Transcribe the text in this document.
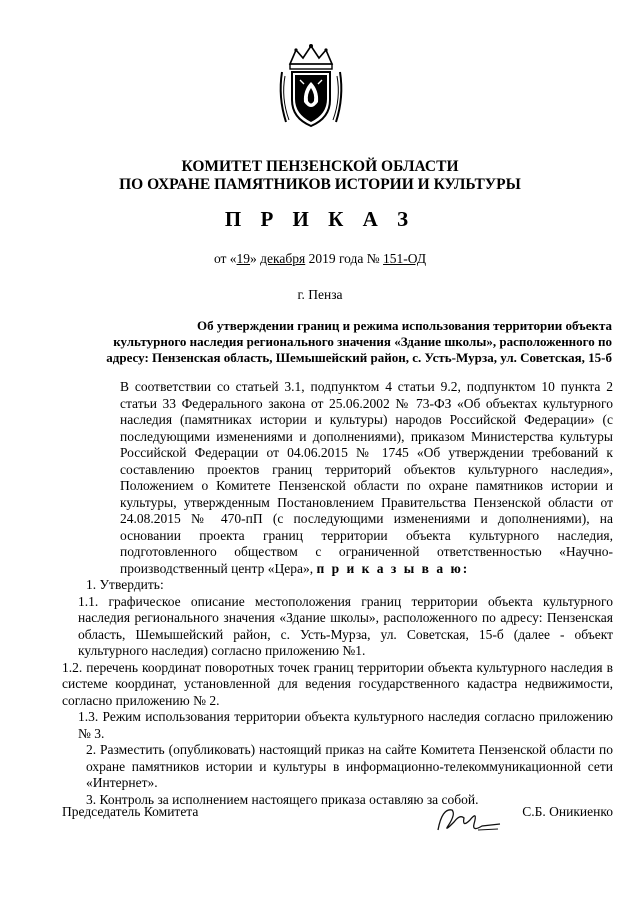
КОМИТЕТ ПЕНЗЕНСКОЙ ОБЛАСТИ
ПО ОХРАНЕ ПАМЯТНИКОВ ИСТОРИИ И КУЛЬТУРЫ
П Р И К А З
от «19» декабря 2019 года № 151-ОД
г. Пенза
Об утверждении границ и режима использования территории объекта
культурного наследия регионального значения «Здание школы», расположенного по
адресу: Пензенская область, Шемышейский район, с. Усть-Мурза, ул. Советская, 15-б
В соответствии со статьей 3.1, подпунктом 4 статьи 9.2, подпунктом 10 пункта 2 статьи 33 Федерального закона от 25.06.2002 № 73-ФЗ «Об объектах культурного наследия (памятниках истории и культуры) народов Российской Федерации» (с последующими изменениями и дополнениями), приказом Министерства культуры Российской Федерации от 04.06.2015 № 1745 «Об утверждении требований к составлению проектов границ территорий объектов культурного наследия», Положением о Комитете Пензенской области по охране памятников истории и культуры, утвержденным Постановлением Правительства Пензенской области от 24.08.2015 № 470-пП (с последующими изменениями и дополнениями), на основании проекта границ территории объекта культурного наследия, подготовленного обществом с ограниченной ответственностью «Научно-производственный центр «Цера», п р и к а з ы в а ю:
1. Утвердить:
1.1. графическое описание местоположения границ территории объекта культурного наследия регионального значения «Здание школы», расположенного по адресу: Пензенская область, Шемышейский район, с. Усть-Мурза, ул. Советская, 15-б (далее - объект культурного наследия) согласно приложению №1.
1.2. перечень координат поворотных точек границ территории объекта культурного наследия в системе координат, установленной для ведения государственного кадастра недвижимости, согласно приложению № 2.
1.3. Режим использования территории объекта культурного наследия согласно приложению № 3.
2. Разместить (опубликовать) настоящий приказ на сайте Комитета Пензенской области по охране памятников истории и культуры в информационно-телекоммуникационной сети «Интернет».
3. Контроль за исполнением настоящего приказа оставляю за собой.
Председатель Комитета	С.Б. Оникиенко
